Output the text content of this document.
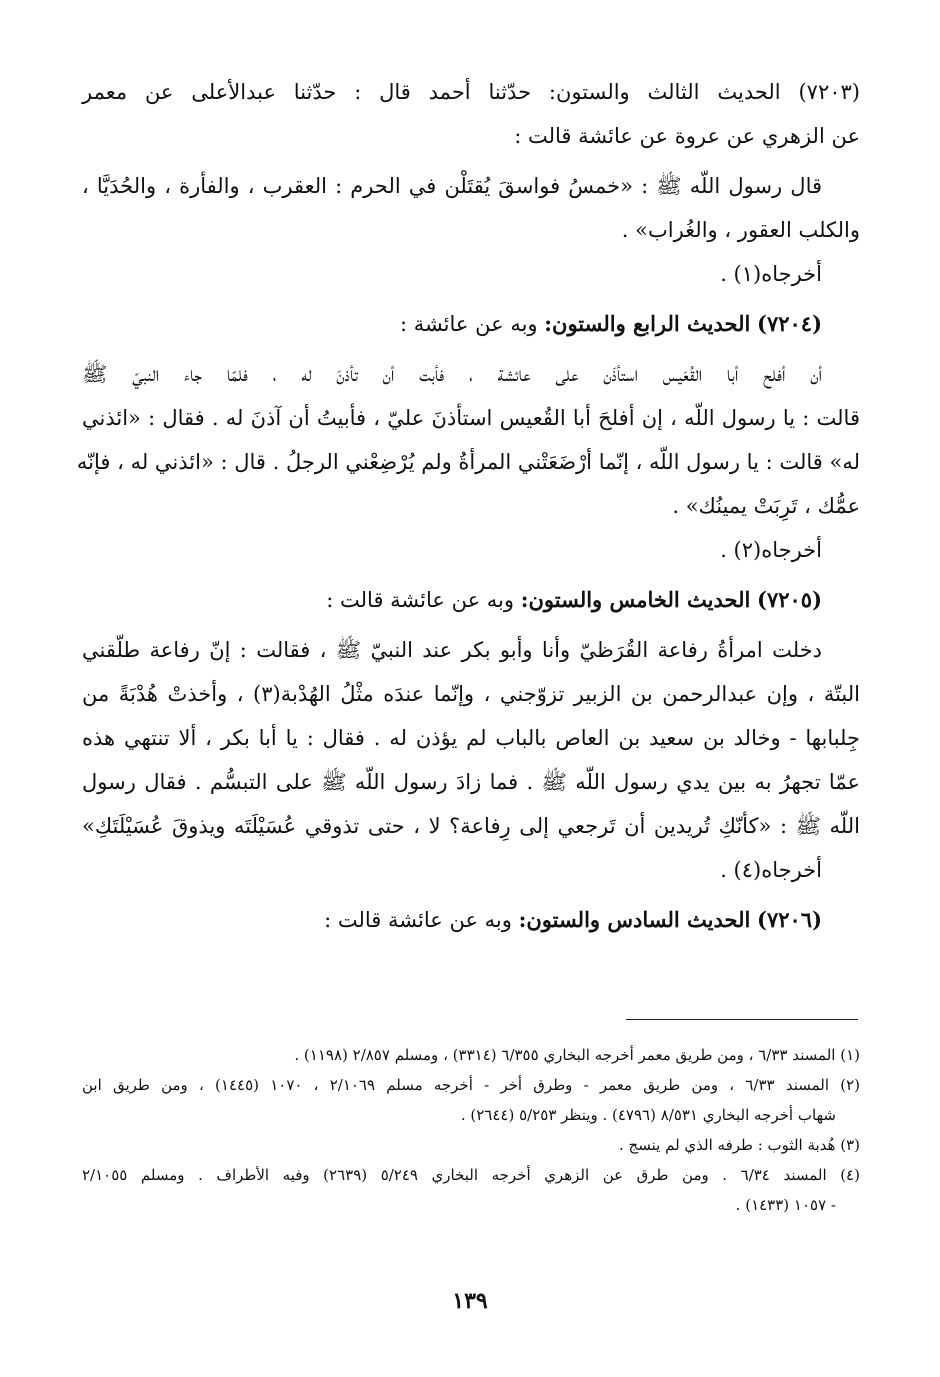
(٧٢٠٣) الحديث الثالث والستون: حدّثنا أحمد قال : حدّثنا عبدالأعلى عن معمر
عن الزهري عن عروة عن عائشة قالت :
قال رسول اللّه ﷺ : «خمسُ فواسقَ يُقتَلْن في الحرم : العقرب ، والفأرة ، والحُدَيَّا ،
والكلب العقور ، والغُراب» .
أخرجاه(١) .
(٧٢٠٤) الحديث الرابع والستون: وبه عن عائشة :
أن أفلح أبا القُعَيس استأذَن على عائشة ، فأبت أن تأذنَ له ، فلمّا جاء النبيّ ﷺ
قالت : يا رسول اللّه ، إن أفلحَ أبا القُعيس استأذنَ عليّ ، فأبيتُ أن آذنَ له . فقال : «ائذني
له» قالت : يا رسول اللّه ، إنّما أرْضَعَتْني المرأةُ ولم يُرْضِعْني الرجلُ . قال : «ائذني له ، فإنّه
عمُّك ، تَرِبَتْ يمينُك» .
أخرجاه(٢) .
(٧٢٠٥) الحديث الخامس والستون: وبه عن عائشة قالت :
دخلت امرأةُ رفاعة القُرَظيّ وأنا وأبو بكر عند النبيّ ﷺ ، فقالت : إنّ رفاعة طلّقني
البتّة ، وإن عبدالرحمن بن الزبير تزوّجني ، وإنّما عندَه مثْلُ الهُدْبة(٣) ، وأخذتْ هُدْبَةً من
جِلبابها - وخالد بن سعيد بن العاص بالباب لم يؤذن له . فقال : يا أبا بكر ، ألا تنتهي هذه
عمّا تجهرُ به بين يدي رسول اللّه ﷺ . فما زادَ رسول اللّه ﷺ على التبسُّم . فقال رسول
اللّه ﷺ : «كأنّكِ تُريدين أن تَرجعي إلى رِفاعة؟ لا ، حتى تذوقي عُسَيْلَتَه ويذوقَ عُسَيْلَتَكِ»
أخرجاه(٤) .
(٧٢٠٦) الحديث السادس والستون: وبه عن عائشة قالت :
(١) المسند ٦/٣٣ ، ومن طريق معمر أخرجه البخاري ٦/٣٥٥ (٣٣١٤) ، ومسلم ٢/٨٥٧ (١١٩٨) .
(٢) المسند ٦/٣٣ ، ومن طريق معمر - وطرق أخر - أخرجه مسلم ٢/١٠٦٩ ، ١٠٧٠ (١٤٤٥) ، ومن طريق ابن
شهاب أخرجه البخاري ٨/٥٣١ (٤٧٩٦) . وينظر ٥/٢٥٣ (٢٦٤٤) .
(٣) هُدبة الثوب : طرفه الذي لم ينسج .
(٤) المسند ٦/٣٤ . ومن طرق عن الزهري أخرجه البخاري ٥/٢٤٩ (٢٦٣٩) وفيه الأطراف . ومسلم ٢/١٠٥٥
- ١٠٥٧ (١٤٣٣) .
١٣٩
